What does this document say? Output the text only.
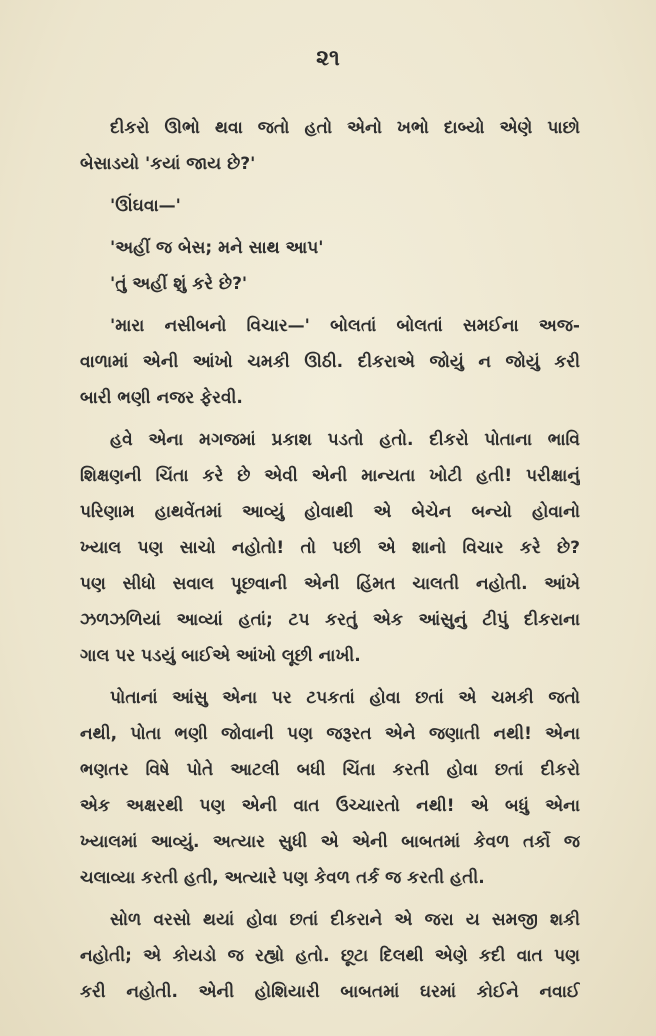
૨૧
દીકરો ઊભો થવા જતો હતો એનો ખભો દાબ્યો એણે પાછો
બેસાડયો 'કયાં જાય છે?'
'ઊંઘવા—'
'અહીં જ બેસ; મને સાથ આપ'
'તું અહીં શું કરે છે?'
'મારા નસીબનો વિચાર—' બોલતાં બોલતાં સમઈના અજ-
વાળામાં એની આંખો ચમકી ઊઠી. દીકરાએ જોયું ન જોયું કરી
બારી ભણી નજર ફેરવી.
હવે એના મગજમાં પ્રકાશ પડતો હતો. દીકરો પોતાના ભાવિ
શિક્ષણની ચિંતા કરે છે એવી એની માન્યતા ખોટી હતી! પરીક્ષાનું
પરિણામ હાથવેંતમાં આવ્યું હોવાથી એ બેચેન બન્યો હોવાનો
ખ્યાલ પણ સાચો નહોતો! તો પછી એ શાનો વિચાર કરે છે?
પણ સીધો સવાલ પૂછવાની એની હિંમત ચાલતી નહોતી. આંખે
ઝળઝળિયાં આવ્યાં હતાં; ટપ કરતું એક આંસુનું ટીપું દીકરાના
ગાલ પર પડયું બાઈએ આંખો લૂછી નાખી.
પોતાનાં આંસુ એના પર ટપકતાં હોવા છતાં એ ચમકી જતો
નથી, પોતા ભણી જોવાની પણ જરૂરત એને જણાતી નથી! એના
ભણતર વિષે પોતે આટલી બધી ચિંતા કરતી હોવા છતાં દીકરો
એક અક્ષરથી પણ એની વાત ઉચ્ચારતો નથી! એ બધું એના
ખ્યાલમાં આવ્યું. અત્યાર સુધી એ એની બાબતમાં કેવળ તર્કો જ
ચલાવ્યા કરતી હતી, અત્યારે પણ કેવળ તર્ક જ કરતી હતી.
સોળ વરસો થયાં હોવા છતાં દીકરાને એ જરા ય સમજી શકી
નહોતી; એ કોયડો જ રહ્યો હતો. છૂટા દિલથી એણે કદી વાત પણ
કરી નહોતી. એની હોશિયારી બાબતમાં ઘરમાં કોઈને નવાઈ
